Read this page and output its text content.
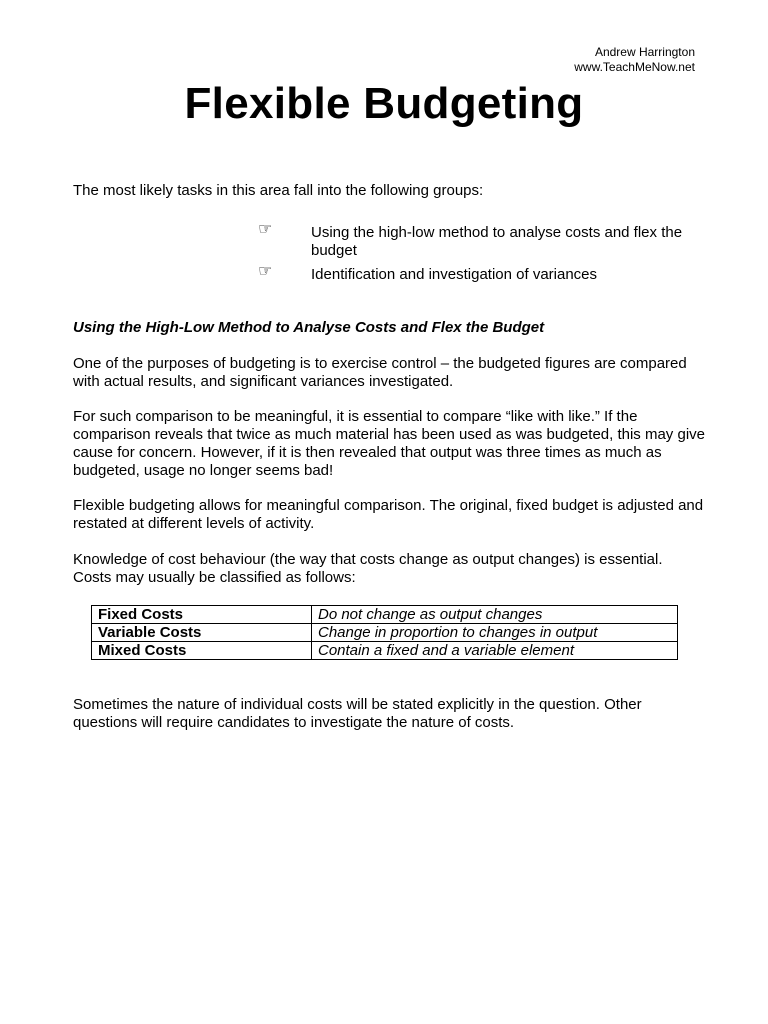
Andrew Harrington
www.TeachMeNow.net
Flexible Budgeting
The most likely tasks in this area fall into the following groups:
☞	Using the high-low method to analyse costs and flex the budget
☞	Identification and investigation of variances
Using the High-Low Method to Analyse Costs and Flex the Budget
One of the purposes of budgeting is to exercise control – the budgeted figures are compared with actual results, and significant variances investigated.
For such comparison to be meaningful, it is essential to compare “like with like.” If the comparison reveals that twice as much material has been used as was budgeted, this may give cause for concern. However, if it is then revealed that output was three times as much as budgeted, usage no longer seems bad!
Flexible budgeting allows for meaningful comparison. The original, fixed budget is adjusted and restated at different levels of activity.
Knowledge of cost behaviour (the way that costs change as output changes) is essential. Costs may usually be classified as follows:
Fixed Costs	Do not change as output changes
Variable Costs	Change in proportion to changes in output
Mixed Costs	Contain a fixed and a variable element
Sometimes the nature of individual costs will be stated explicitly in the question. Other questions will require candidates to investigate the nature of costs.
